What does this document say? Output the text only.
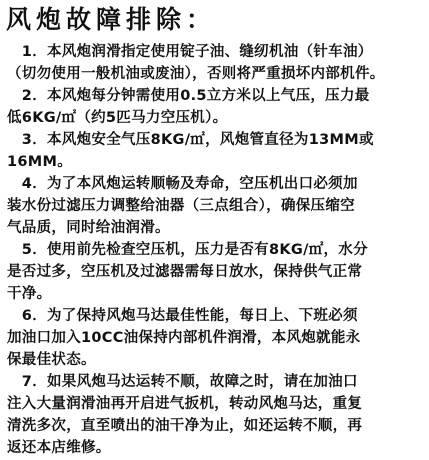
风炮故障排除：
　1．本风炮润滑指定使用锭子油、缝纫机油（针车油）
（切勿使用一般机油或废油），否则将严重损坏内部机件。
　2．本风炮每分钟需使用0.5立方米以上气压，压力最
低6KG/㎡（约5匹马力空压机）。
　3．本风炮安全气压8KG/㎡，风炮管直径为13MM或
16MM。
　4．为了本风炮运转顺畅及寿命，空压机出口必须加
装水份过滤压力调整给油器（三点组合），确保压缩空
气品质，同时给油润滑。
　5．使用前先检查空压机，压力是否有8KG/㎡，水分
是否过多，空压机及过滤器需每日放水，保持供气正常
干净。
　6．为了保持风炮马达最佳性能，每日上、下班必须
加油口加入10CC油保持内部机件润滑，本风炮就能永
保最佳状态。
　7．如果风炮马达运转不顺，故障之时，请在加油口
注入大量润滑油再开启进气扳机，转动风炮马达，重复
清洗多次，直至喷出的油干净为止，如还运转不顺，再
返还本店维修。
